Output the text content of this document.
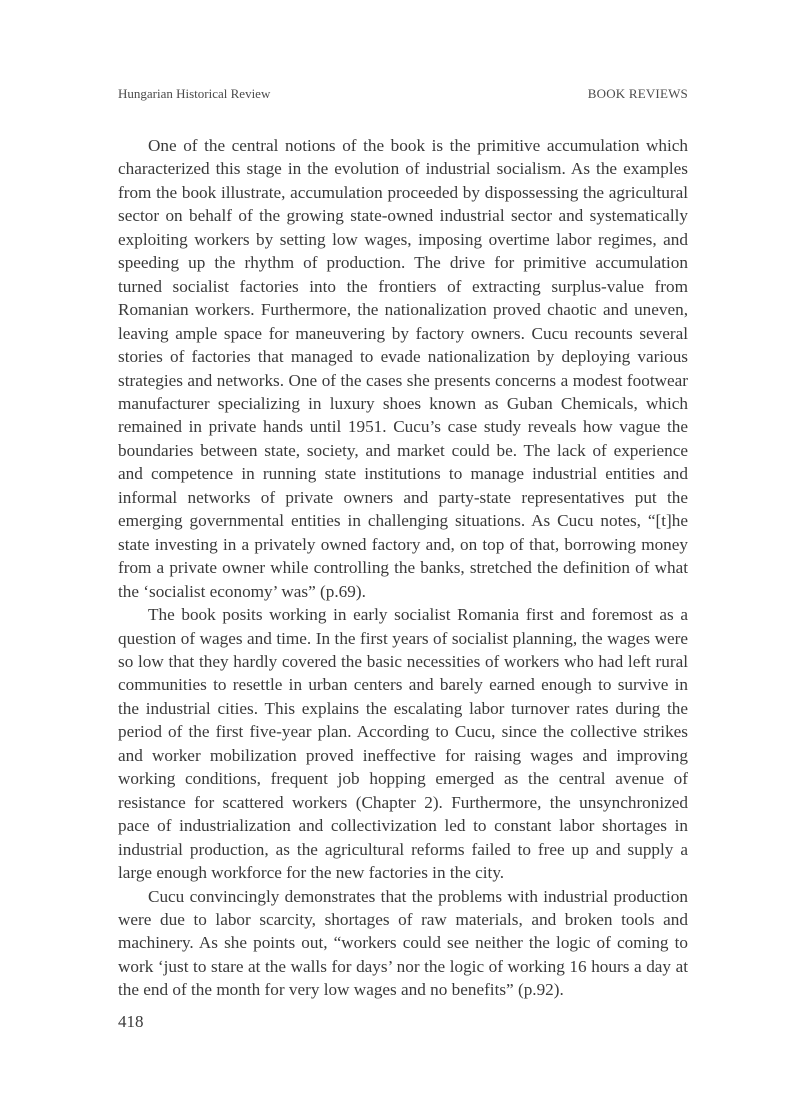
Hungarian Historical Review	BOOK REVIEWS

One of the central notions of the book is the primitive accumulation which characterized this stage in the evolution of industrial socialism. As the examples from the book illustrate, accumulation proceeded by dispossessing the agricultural sector on behalf of the growing state-owned industrial sector and systematically exploiting workers by setting low wages, imposing overtime labor regimes, and speeding up the rhythm of production. The drive for primitive accumulation turned socialist factories into the frontiers of extracting surplus-value from Romanian workers. Furthermore, the nationalization proved chaotic and uneven, leaving ample space for maneuvering by factory owners. Cucu recounts several stories of factories that managed to evade nationalization by deploying various strategies and networks. One of the cases she presents concerns a modest footwear manufacturer specializing in luxury shoes known as Guban Chemicals, which remained in private hands until 1951. Cucu’s case study reveals how vague the boundaries between state, society, and market could be. The lack of experience and competence in running state institutions to manage industrial entities and informal networks of private owners and party-state representatives put the emerging governmental entities in challenging situations. As Cucu notes, “[t]he state investing in a privately owned factory and, on top of that, borrowing money from a private owner while controlling the banks, stretched the definition of what the ‘socialist economy’ was” (p.69).

The book posits working in early socialist Romania first and foremost as a question of wages and time. In the first years of socialist planning, the wages were so low that they hardly covered the basic necessities of workers who had left rural communities to resettle in urban centers and barely earned enough to survive in the industrial cities. This explains the escalating labor turnover rates during the period of the first five-year plan. According to Cucu, since the collective strikes and worker mobilization proved ineffective for raising wages and improving working conditions, frequent job hopping emerged as the central avenue of resistance for scattered workers (Chapter 2). Furthermore, the unsynchronized pace of industrialization and collectivization led to constant labor shortages in industrial production, as the agricultural reforms failed to free up and supply a large enough workforce for the new factories in the city.

Cucu convincingly demonstrates that the problems with industrial production were due to labor scarcity, shortages of raw materials, and broken tools and machinery. As she points out, “workers could see neither the logic of coming to work ‘just to stare at the walls for days’ nor the logic of working 16 hours a day at the end of the month for very low wages and no benefits” (p.92).

418
